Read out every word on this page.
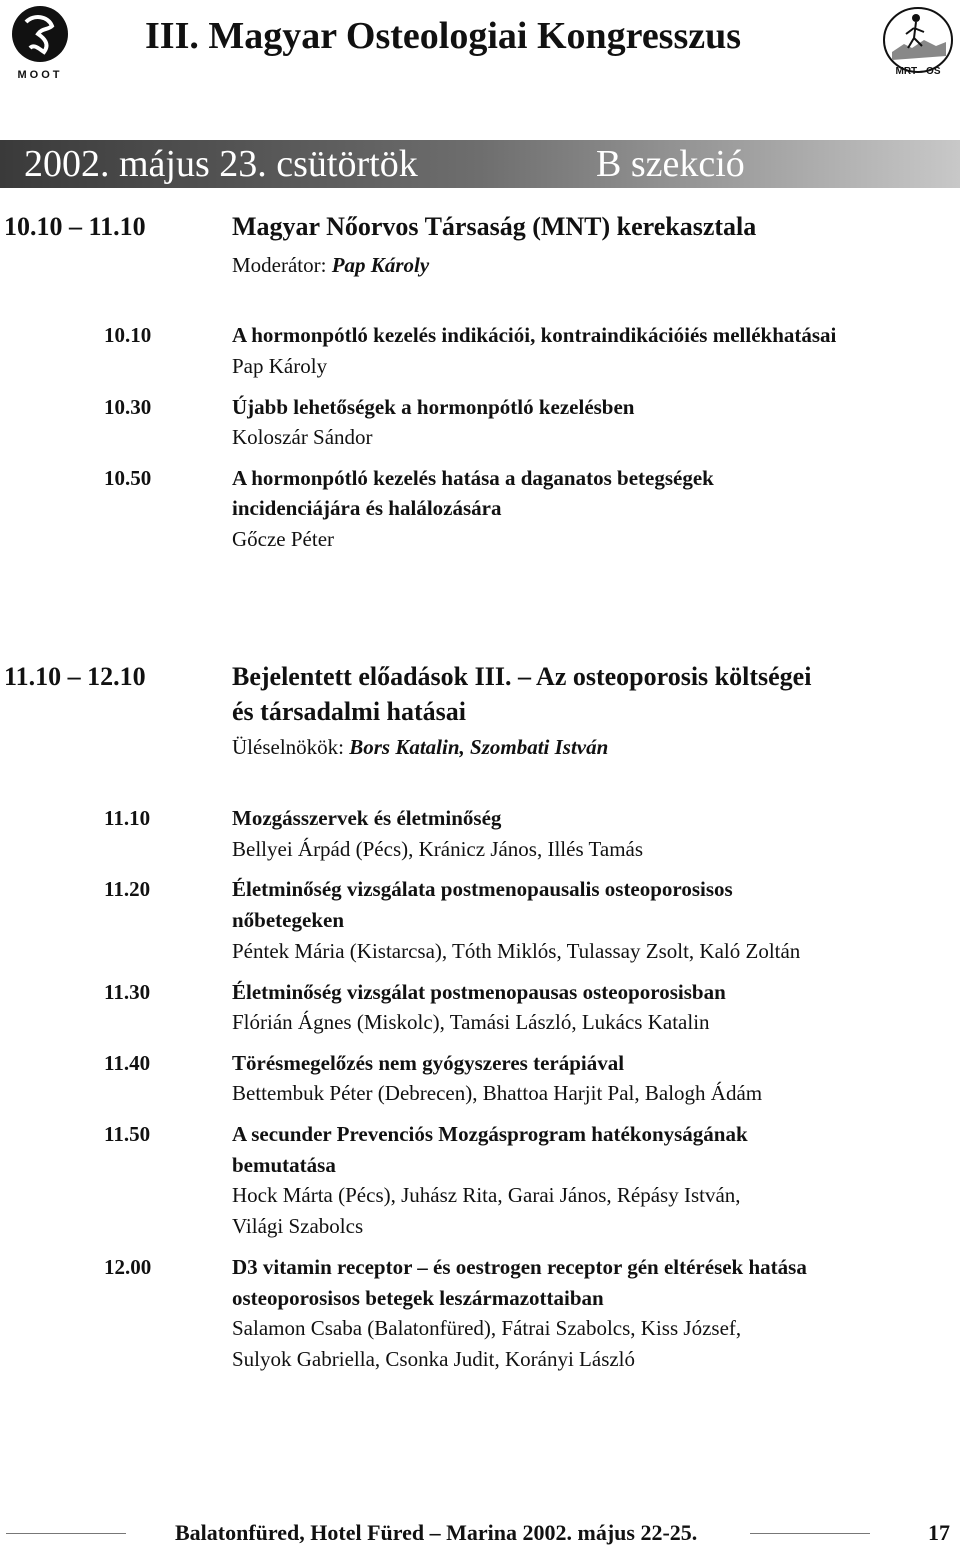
MOOT
III. Magyar Osteologiai Kongresszus
MRT - OS
2002. május 23. csütörtök	B szekció
10.10 – 11.10	Magyar Nőorvos Társaság (MNT) kerekasztala
Moderátor: Pap Károly
10.10	A hormonpótló kezelés indikációi, kontraindikációiés mellékhatásai
Pap Károly
10.30	Újabb lehetőségek a hormonpótló kezelésben
Koloszár Sándor
10.50	A hormonpótló kezelés hatása a daganatos betegségek
incidenciájára és halálozására
Gőcze Péter
11.10 – 12.10	Bejelentett előadások III. – Az osteoporosis költségei
és társadalmi hatásai
Üléselnökök: Bors Katalin, Szombati István
11.10	Mozgásszervek és életminőség
Bellyei Árpád (Pécs), Kránicz János, Illés Tamás
11.20	Életminőség vizsgálata postmenopausalis osteoporosisos
nőbetegeken
Péntek Mária (Kistarcsa), Tóth Miklós, Tulassay Zsolt, Kaló Zoltán
11.30	Életminőség vizsgálat postmenopausas osteoporosisban
Flórián Ágnes (Miskolc), Tamási László, Lukács Katalin
11.40	Törésmegelőzés nem gyógyszeres terápiával
Bettembuk Péter (Debrecen), Bhattoa Harjit Pal, Balogh Ádám
11.50	A secunder Prevenciós Mozgásprogram hatékonyságának
bemutatása
Hock Márta (Pécs), Juhász Rita, Garai János, Répásy István,
Világi Szabolcs
12.00	D3 vitamin receptor – és oestrogen receptor gén eltérések hatása
osteoporosisos betegek leszármazottaiban
Salamon Csaba (Balatonfüred), Fátrai Szabolcs, Kiss József,
Sulyok Gabriella, Csonka Judit, Korányi László
Balatonfüred, Hotel Füred – Marina 2002. május 22-25.	17
